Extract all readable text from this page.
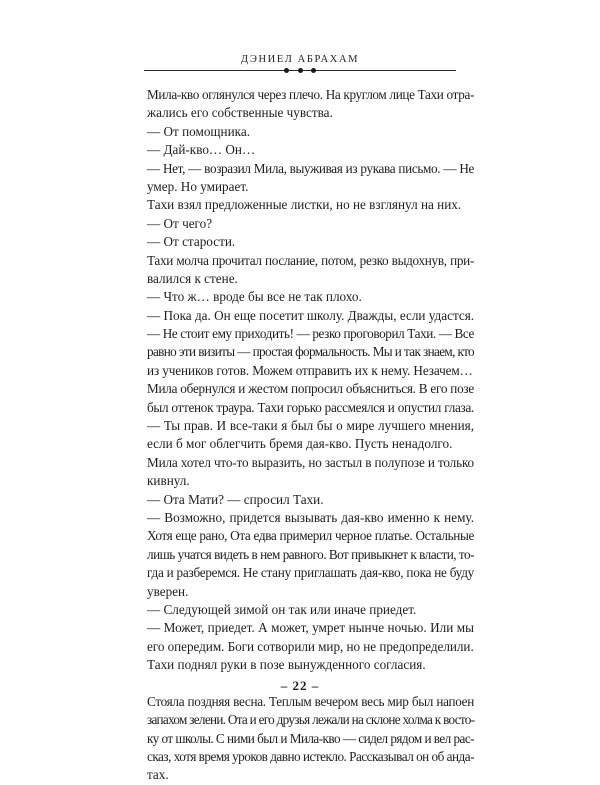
ДЭНИЕЛ АБРАХАМ
Мила-кво оглянулся через плечо. На круглом лице Тахи отра-
жались его собственные чувства.
— От помощника.
— Дай-кво… Он…
— Нет, — возразил Мила, выуживая из рукава письмо. — Не
умер. Но умирает.
Тахи взял предложенные листки, но не взглянул на них.
— От чего?
— От старости.
Тахи молча прочитал послание, потом, резко выдохнув, при-
валился к стене.
— Что ж… вроде бы все не так плохо.
— Пока да. Он еще посетит школу. Дважды, если удастся.
— Не стоит ему приходить! — резко проговорил Тахи. — Все
равно эти визиты — простая формальность. Мы и так знаем, кто
из учеников готов. Можем отправить их к нему. Незачем…
Мила обернулся и жестом попросил объясниться. В его позе
был оттенок траура. Тахи горько рассмеялся и опустил глаза.
— Ты прав. И все-таки я был бы о мире лучшего мнения,
если б мог облегчить бремя дая-кво. Пусть ненадолго.
Мила хотел что-то выразить, но застыл в полупозе и только
кивнул.
— Ота Мати? — спросил Тахи.
— Возможно, придется вызывать дая-кво именно к нему.
Хотя еще рано, Ота едва примерил черное платье. Остальные
лишь учатся видеть в нем равного. Вот привыкнет к власти, то-
гда и разберемся. Не стану приглашать дая-кво, пока не буду
уверен.
— Следующей зимой он так или иначе приедет.
— Может, приедет. А может, умрет нынче ночью. Или мы
его опередим. Боги сотворили мир, но не предопределили.
Тахи поднял руки в позе вынужденного согласия.
Стояла поздняя весна. Теплым вечером весь мир был напоен
запахом зелени. Ота и его друзья лежали на склоне холма к восто-
ку от школы. С ними был и Мила-кво — сидел рядом и вел рас-
сказ, хотя время уроков давно истекло. Рассказывал он об андa-
тах.
– 22 –
